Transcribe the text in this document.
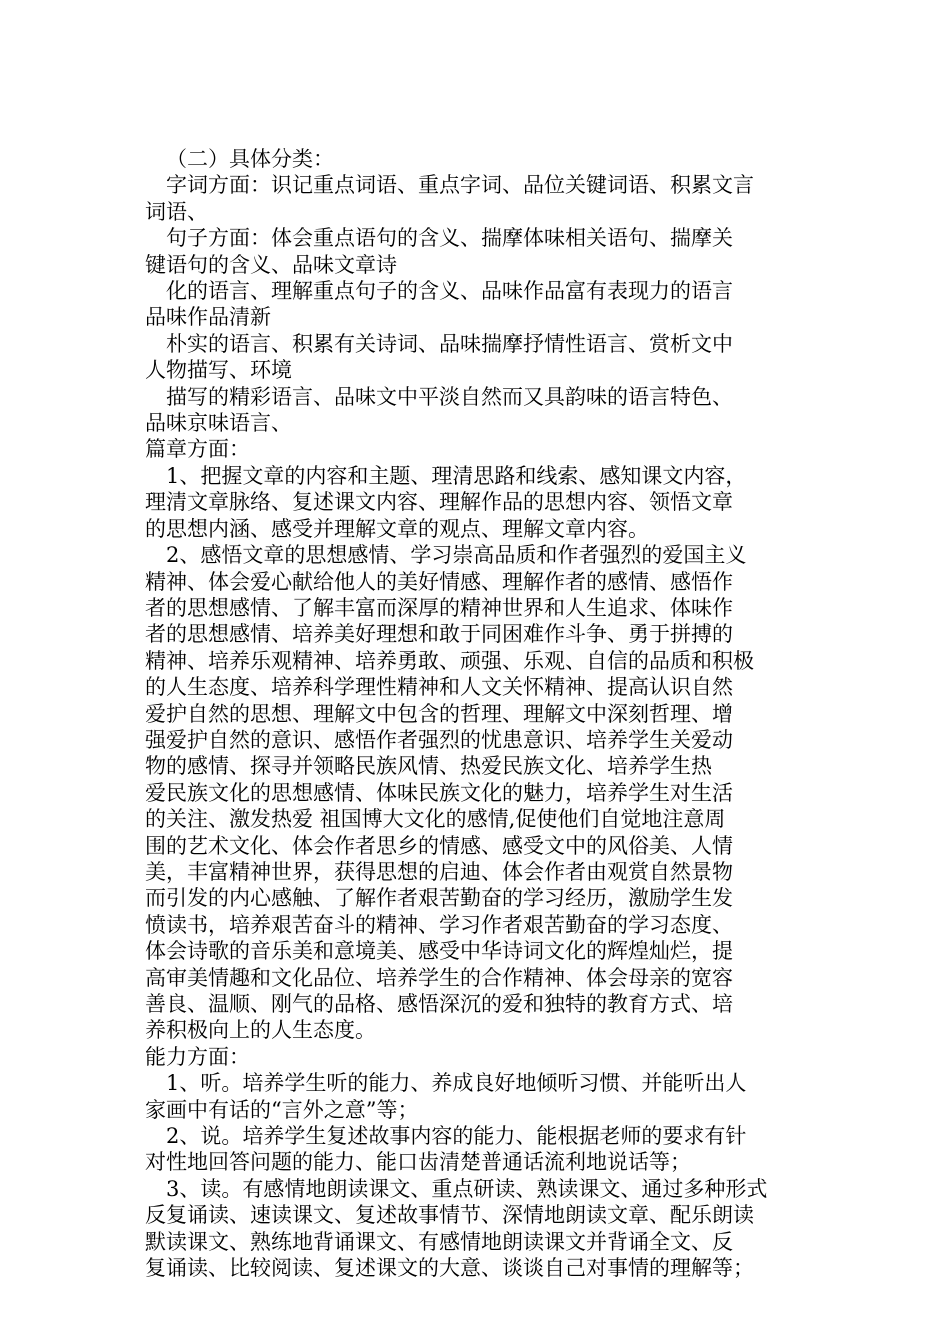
（二）具体分类：
字词方面：识记重点词语、重点字词、品位关键词语、积累文言
词语、
句子方面：体会重点语句的含义、揣摩体味相关语句、揣摩关
键语句的含义、品味文章诗
化的语言、理解重点句子的含义、品味作品富有表现力的语言
品味作品清新
朴实的语言、积累有关诗词、品味揣摩抒情性语言、赏析文中
人物描写、环境
描写的精彩语言、品味文中平淡自然而又具韵味的语言特色、
品味京味语言、
篇章方面：
1、把握文章的内容和主题、理清思路和线索、感知课文内容，
理清文章脉络、复述课文内容、理解作品的思想内容、领悟文章
的思想内涵、感受并理解文章的观点、理解文章内容。
2、感悟文章的思想感情、学习崇高品质和作者强烈的爱国主义
精神、体会爱心献给他人的美好情感、理解作者的感情、感悟作
者的思想感情、了解丰富而深厚的精神世界和人生追求、体味作
者的思想感情、培养美好理想和敢于同困难作斗争、勇于拼搏的
精神、培养乐观精神、培养勇敢、顽强、乐观、自信的品质和积极
的人生态度、培养科学理性精神和人文关怀精神、提高认识自然
爱护自然的思想、理解文中包含的哲理、理解文中深刻哲理、增
强爱护自然的意识、感悟作者强烈的忧患意识、培养学生关爱动
物的感情、探寻并领略民族风情、热爱民族文化、培养学生热
爱民族文化的思想感情、体味民族文化的魅力，培养学生对生活
的关注、激发热爱 祖国博大文化的感情,促使他们自觉地注意周
围的艺术文化、体会作者思乡的情感、感受文中的风俗美、人情
美，丰富精神世界，获得思想的启迪、体会作者由观赏自然景物
而引发的内心感触、了解作者艰苦勤奋的学习经历，激励学生发
愤读书，培养艰苦奋斗的精神、学习作者艰苦勤奋的学习态度、
体会诗歌的音乐美和意境美、感受中华诗词文化的辉煌灿烂，提
高审美情趣和文化品位、培养学生的合作精神、体会母亲的宽容
善良、温顺、刚气的品格、感悟深沉的爱和独特的教育方式、培
养积极向上的人生态度。
能力方面：
1、听。培养学生听的能力、养成良好地倾听习惯、并能听出人
家画中有话的“言外之意”等；
2、说。培养学生复述故事内容的能力、能根据老师的要求有针
对性地回答问题的能力、能口齿清楚普通话流利地说话等；
3、读。有感情地朗读课文、重点研读、熟读课文、通过多种形式
反复诵读、速读课文、复述故事情节、深情地朗读文章、配乐朗读
默读课文、熟练地背诵课文、有感情地朗读课文并背诵全文、反
复诵读、比较阅读、复述课文的大意、谈谈自己对事情的理解等；
